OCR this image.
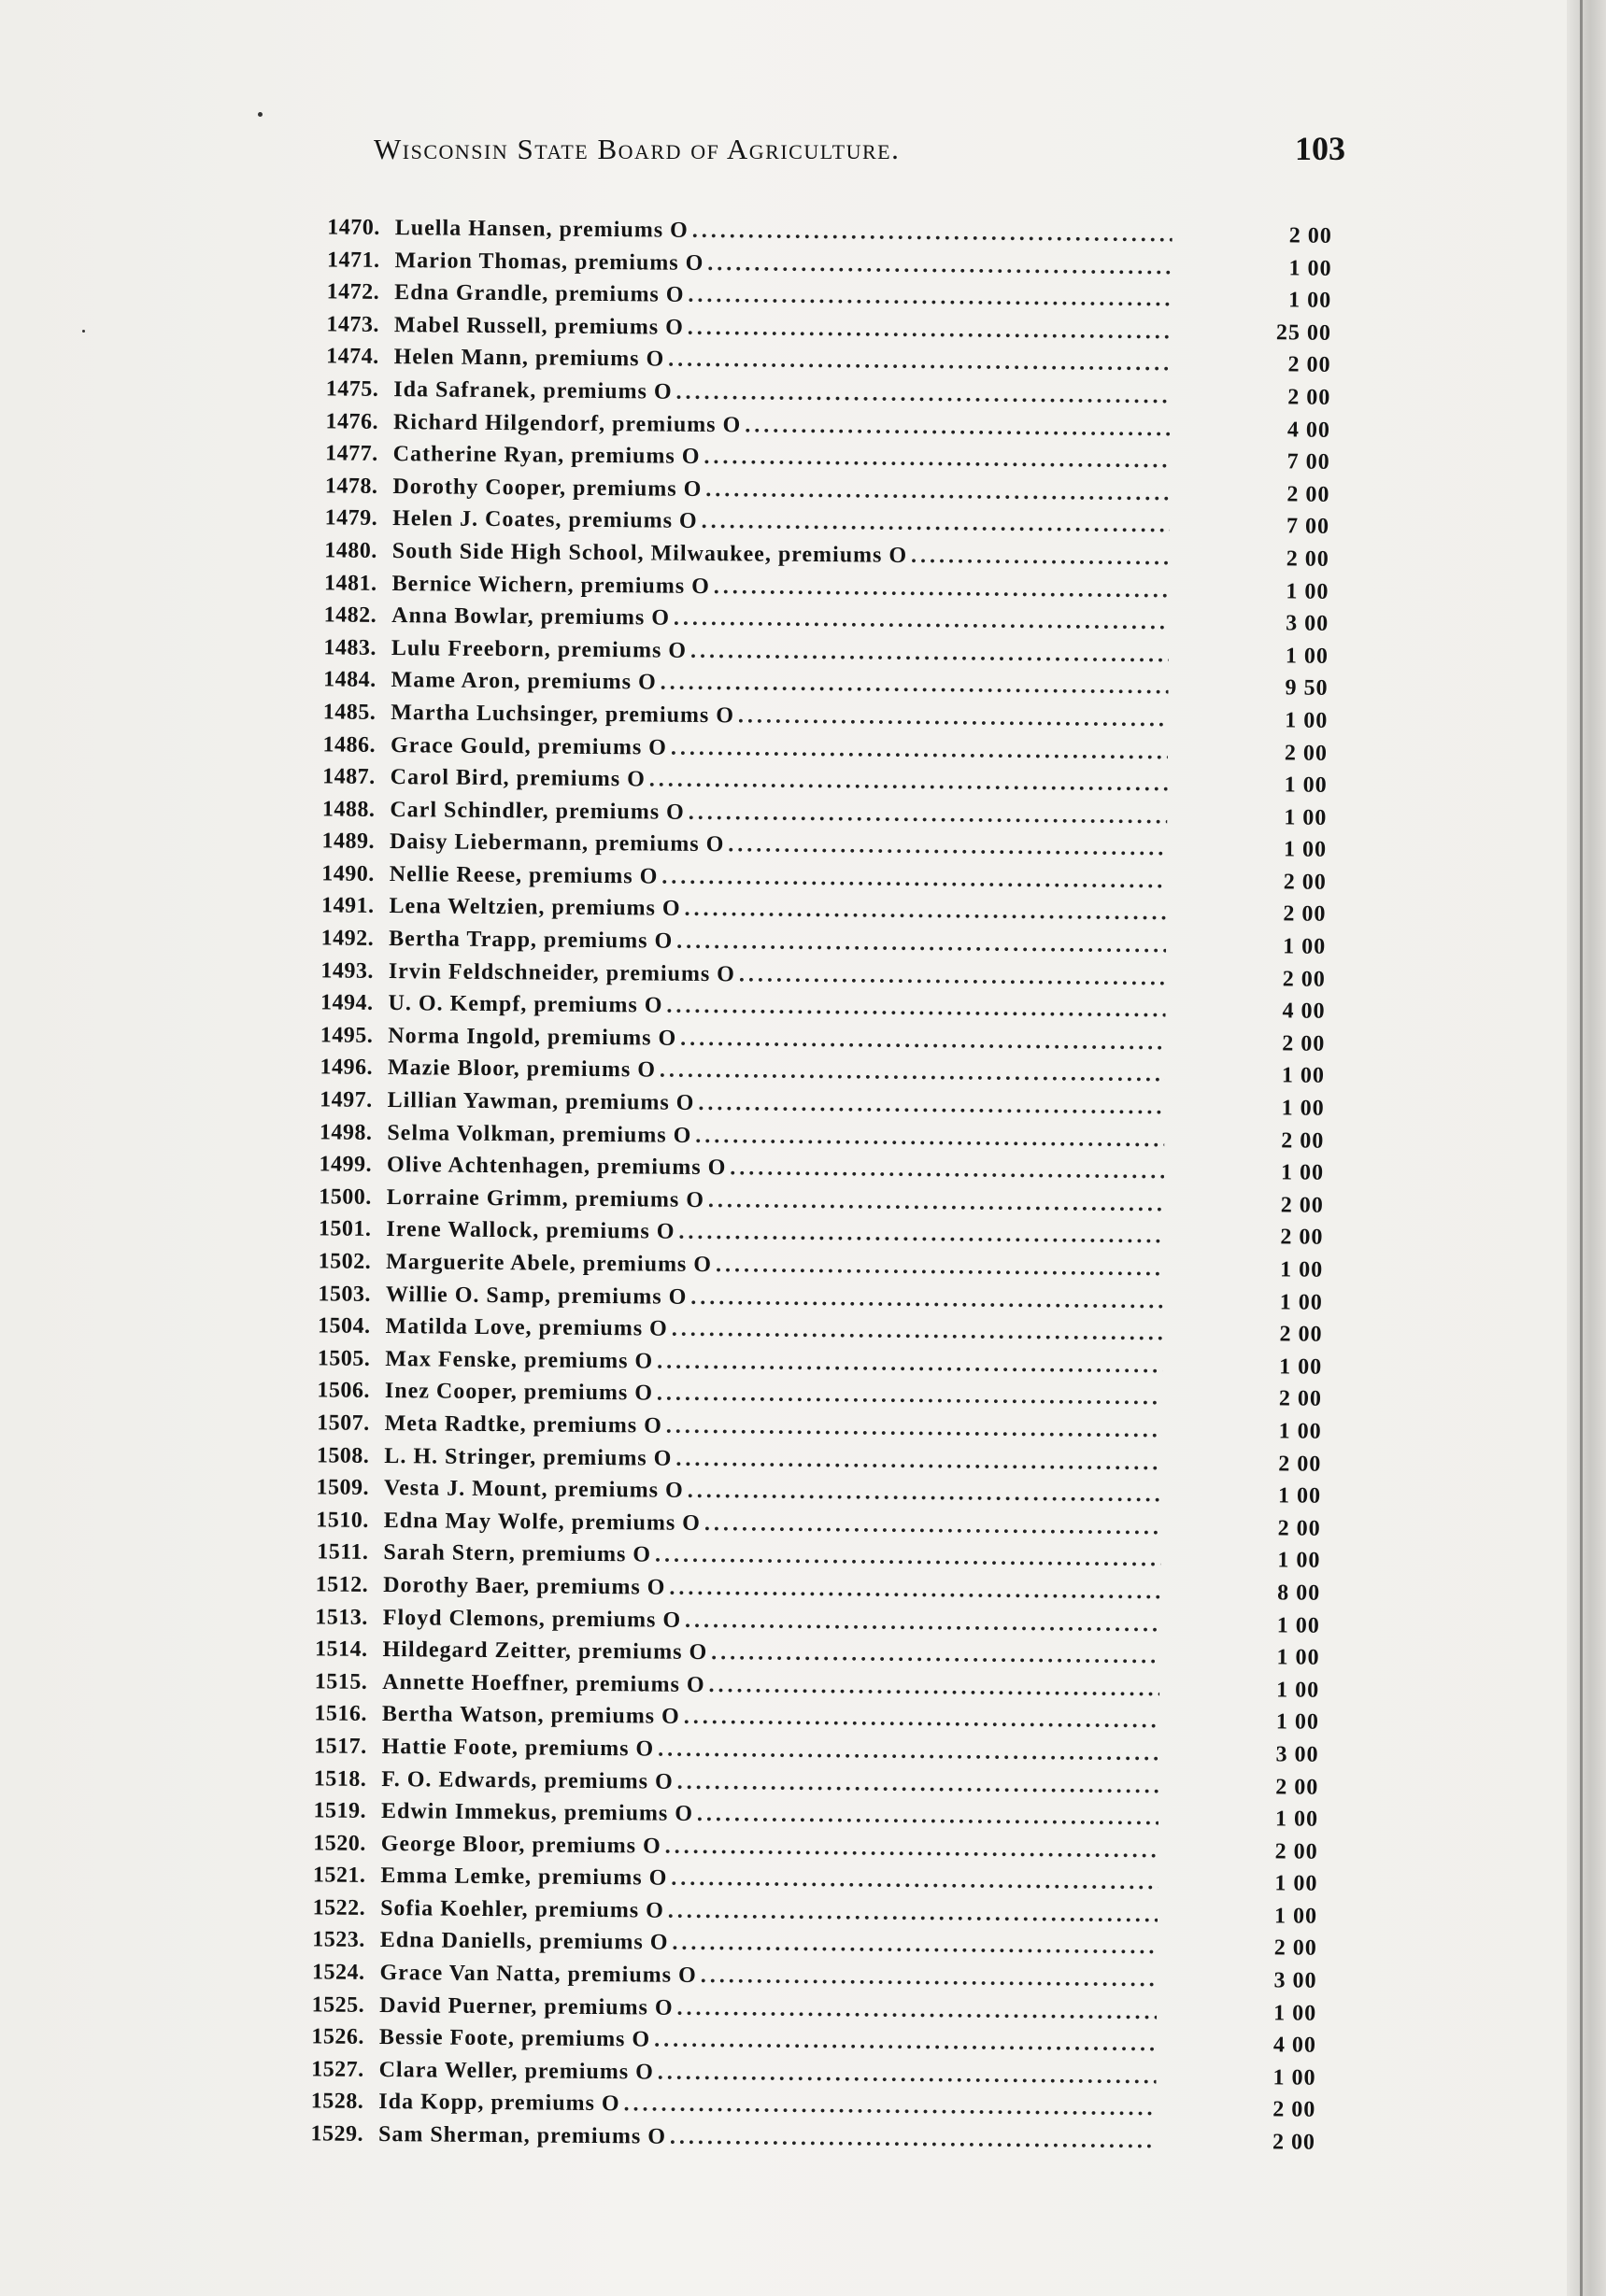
Wisconsin State Board of Agriculture.	103
1470. Luella Hansen, premiums O . . .	2 00
1471. Marion Thomas, premiums O . . .	1 00
1472. Edna Grandle, premiums O . . .	1 00
1473. Mabel Russell, premiums O . . .	25 00
1474. Helen Mann, premiums O . . .	2 00
1475. Ida Safranek, premiums O . . .	2 00
1476. Richard Hilgendorf, premiums O . . .	4 00
1477. Catherine Ryan, premiums O . . .	7 00
1478. Dorothy Cooper, premiums O . . .	2 00
1479. Helen J. Coates, premiums O . . .	7 00
1480. South Side High School, Milwaukee, premiums O . . .	2 00
1481. Bernice Wichern, premiums O . . .	1 00
1482. Anna Bowlar, premiums O . . .	3 00
1483. Lulu Freeborn, premiums O . . .	1 00
1484. Mame Aron, premiums O . . .	9 50
1485. Martha Luchsinger, premiums O . . .	1 00
1486. Grace Gould, premiums O . . .	2 00
1487. Carol Bird, premiums O . . .	1 00
1488. Carl Schindler, premiums O . . .	1 00
1489. Daisy Liebermann, premiums O . . .	1 00
1490. Nellie Reese, premiums O . . .	2 00
1491. Lena Weltzien, premiums O . . .	2 00
1492. Bertha Trapp, premiums O . . .	1 00
1493. Irvin Feldschneider, premiums O . . .	2 00
1494. U. O. Kempf, premiums O . . .	4 00
1495. Norma Ingold, premiums O . . .	2 00
1496. Mazie Bloor, premiums O . . .	1 00
1497. Lillian Yawman, premiums O . . .	1 00
1498. Selma Volkman, premiums O . . .	2 00
1499. Olive Achtenhagen, premiums O . . .	1 00
1500. Lorraine Grimm, premiums O . . .	2 00
1501. Irene Wallock, premiums O . . .	2 00
1502. Marguerite Abele, premiums O . . .	1 00
1503. Willie O. Samp, premiums O . . .	1 00
1504. Matilda Love, premiums O . . .	2 00
1505. Max Fenske, premiums O . . .	1 00
1506. Inez Cooper, premiums O . . .	2 00
1507. Meta Radtke, premiums O . . .	1 00
1508. L. H. Stringer, premiums O . . .	2 00
1509. Vesta J. Mount, premiums O . . .	1 00
1510. Edna May Wolfe, premiums O . . .	2 00
1511. Sarah Stern, premiums O . . .	1 00
1512. Dorothy Baer, premiums O . . .	8 00
1513. Floyd Clemons, premiums O . . .	1 00
1514. Hildegard Zeitter, premiums O . . .	1 00
1515. Annette Hoeffner, premiums O . . .	1 00
1516. Bertha Watson, premiums O . . .	1 00
1517. Hattie Foote, premiums O . . .	3 00
1518. F. O. Edwards, premiums O . . .	2 00
1519. Edwin Immekus, premiums O . . .	1 00
1520. George Bloor, premiums O . . .	2 00
1521. Emma Lemke, premiums O . . .	1 00
1522. Sofia Koehler, premiums O . . .	1 00
1523. Edna Daniells, premiums O . . .	2 00
1524. Grace Van Natta, premiums O . . .	3 00
1525. David Puerner, premiums O . . .	1 00
1526. Bessie Foote, premiums O . . .	4 00
1527. Clara Weller, premiums O . . .	1 00
1528. Ida Kopp, premiums O . . .	2 00
1529. Sam Sherman, premiums O . . .	2 00
